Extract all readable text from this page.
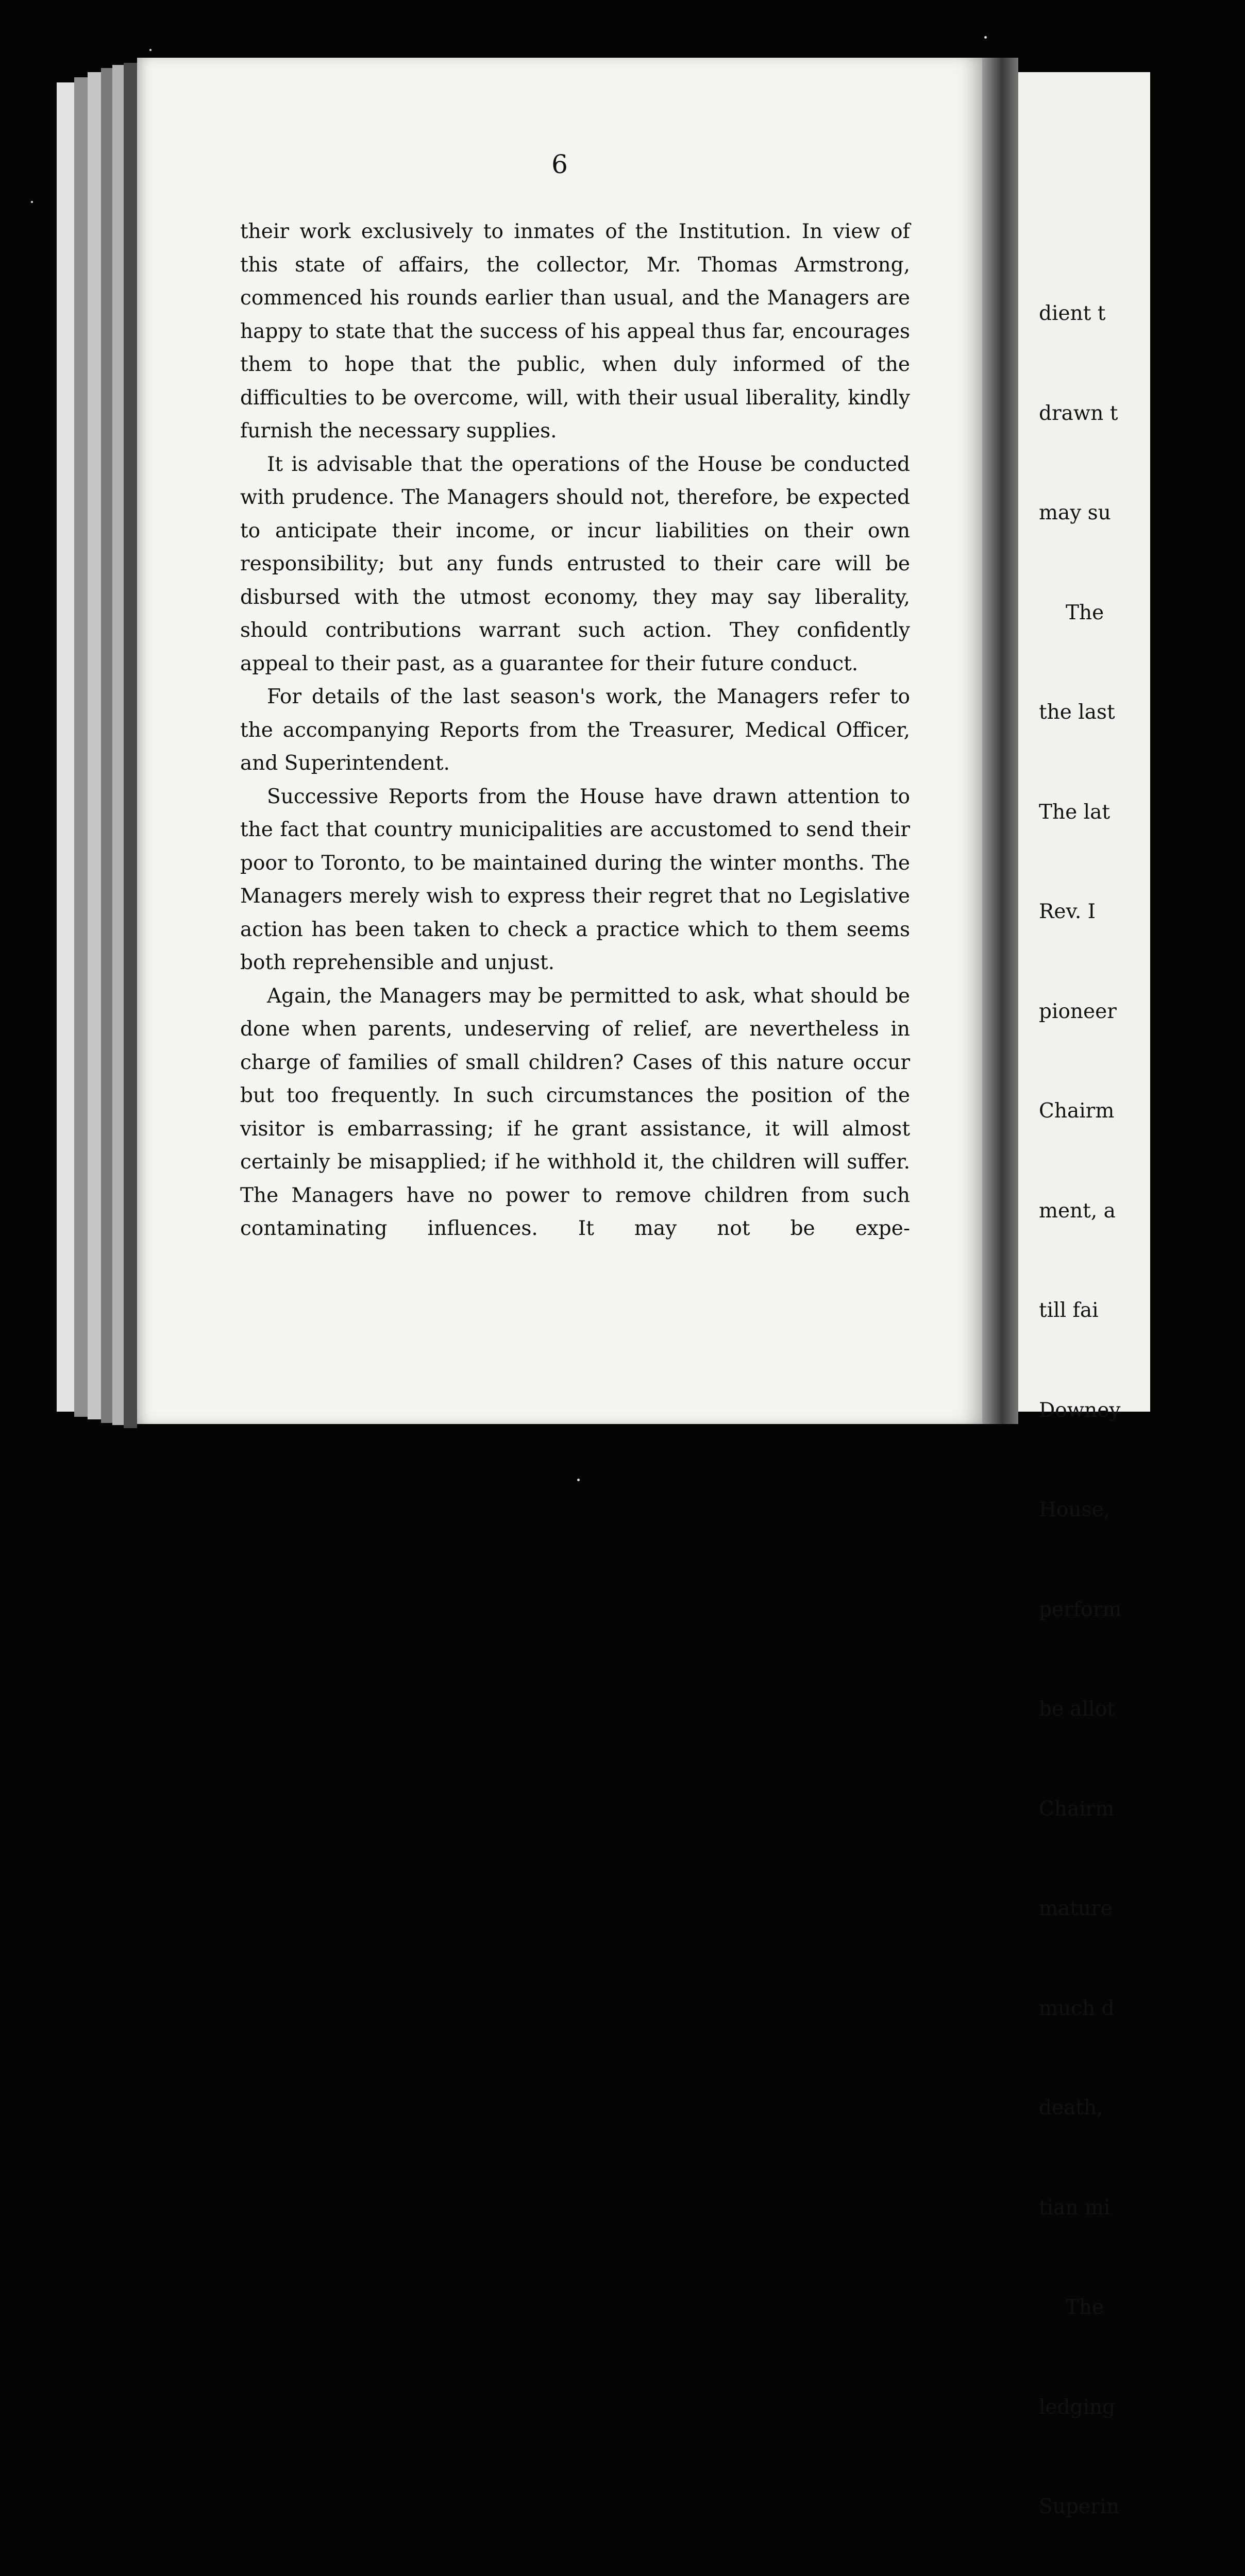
6

their work exclusively to inmates of the Institution. In view of this state of affairs, the collector, Mr. Thomas Armstrong, commenced his rounds earlier than usual, and the Managers are happy to state that the success of his appeal thus far, encourages them to hope that the public, when duly informed of the difficulties to be overcome, will, with their usual liberality, kindly furnish the necessary supplies.

It is advisable that the operations of the House be conducted with prudence. The Managers should not, therefore, be expected to anticipate their income, or incur liabilities on their own responsibility; but any funds entrusted to their care will be disbursed with the utmost economy, they may say liberality, should contributions warrant such action. They confidently appeal to their past, as a guarantee for their future conduct.

For details of the last season's work, the Managers refer to the accompanying Reports from the Treasurer, Medical Officer, and Superintendent.

Successive Reports from the House have drawn attention to the fact that country municipalities are accustomed to send their poor to Toronto, to be maintained during the winter months. The Managers merely wish to express their regret that no Legislative action has been taken to check a practice which to them seems both reprehensible and unjust.

Again, the Managers may be permitted to ask, what should be done when parents, undeserving of relief, are nevertheless in charge of families of small children? Cases of this nature occur but too frequently. In such circumstances the position of the visitor is embarrassing; if he grant assistance, it will almost certainly be misapplied; if he withhold it, the children will suffer. The Managers have no power to remove children from such contaminating influences. It may not be expe-

dient t

drawn t

may su

The

the last

The lat

Rev. I

pioneer

Chairm

ment, a

till fai

Downey

House,

perform

be allot

Chairm

mature

much d

death,

tian mi

The

ledging

Superin
